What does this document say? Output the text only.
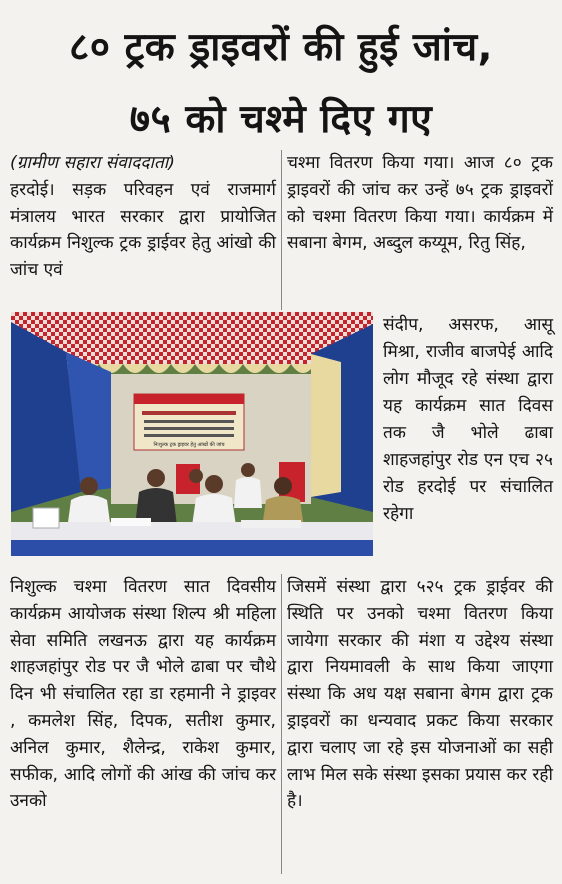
८० ट्रक ड्राइवरों की हुई जांच,
७५ को चश्मे दिए गए
(ग्रामीण सहारा संवाददाता)

हरदोई। सड़क परिवहन एवं राजमार्ग मंत्रालय भारत सरकार द्वारा प्रायोजित कार्यक्रम निशुल्क ट्रक ड्राईवर हेतु आंखो की जांच एवं

चश्मा वितरण किया गया। आज ८० ट्रक ड्राइवरों की जांच कर उन्हें ७५ ट्रक ड्राइवरों को चश्मा वितरण किया गया। कार्यक्रम में सबाना बेगम, अब्दुल कय्यूम, रितु सिंह,

निःशुल्क ट्रक ड्राइवर हेतु आंखों की जांच

संदीप, असरफ, आसू मिश्रा, राजीव बाजपेई आदि लोग मौजूद रहे संस्था द्वारा यह कार्यक्रम सात दिवस तक जै भोले ढाबा शाहजहांपुर रोड एन एच २५ रोड हरदोई पर संचालित रहेगा

निशुल्क चश्मा वितरण सात दिवसीय कार्यक्रम आयोजक संस्था शिल्प श्री महिला सेवा समिति लखनऊ द्वारा यह कार्यक्रम शाहजहांपुर रोड पर जै भोले ढाबा पर चौथे दिन भी संचालित रहा डा रहमानी ने ड्राइवर , कमलेश सिंह, दिपक, सतीश कुमार, अनिल कुमार, शैलेन्द्र, राकेश कुमार, सफीक, आदि लोगों की आंख की जांच कर उनको

जिसमें संस्था द्वारा ५२५ ट्रक ड्राईवर की स्थिति पर उनको चश्मा वितरण किया जायेगा सरकार की मंशा य उद्देश्य संस्था द्वारा नियमावली के साथ किया जाएगा संस्था कि अध यक्ष सबाना बेगम द्वारा ट्रक ड्राइवरों का धन्यवाद प्रकट किया सरकार द्वारा चलाए जा रहे इस योजनाओं का सही लाभ मिल सके संस्था इसका प्रयास कर रही है।
